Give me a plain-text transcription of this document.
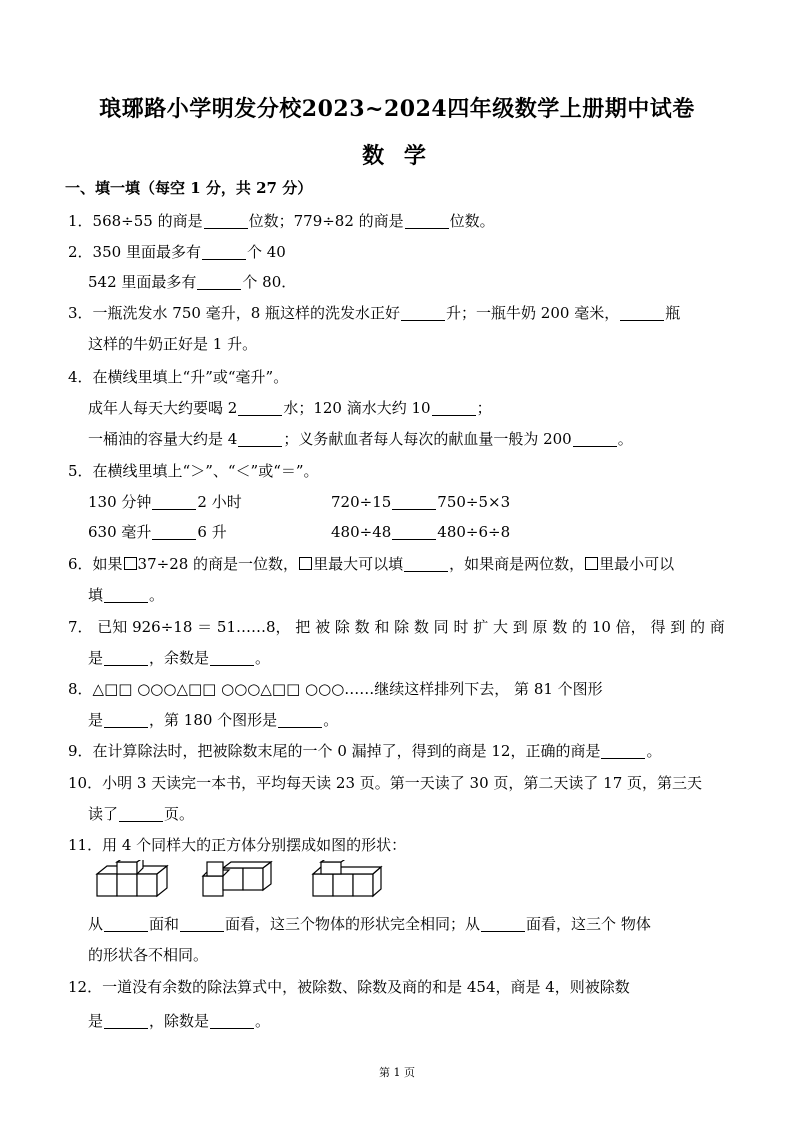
琅琊路小学明发分校2023~2024四年级数学上册期中试卷
数 学
一、填一填（每空 1 分，共 27 分）
1．568÷55 的商是	位数；779÷82 的商是	位数。
2．350 里面最多有	个 40
542 里面最多有	个 80．
3．一瓶洗发水 750 毫升，8 瓶这样的洗发水正好	升；一瓶牛奶 200 毫米，	瓶
这样的牛奶正好是 1 升。
4．在横线里填上“升”或“毫升”。
成年人每天大约要喝 2	水；120 滴水大约 10	；
一桶油的容量大约是 4	；义务献血者每人每次的献血量一般为 200	。
5．在横线里填上“＞”、“＜”或“＝”。
130 分钟	2 小时	720÷15	750÷5×3
630 毫升	6 升	480÷48	480÷6÷8
6．如果 37÷28 的商是一位数， 里最大可以填	，如果商是两位数， 里最小可以
填	。
7． 已知 926÷18 ＝ 51……8， 把 被 除 数 和 除 数 同 时 扩 大 到 原 数 的 10 倍， 得 到 的 商
是	，余数是	。
8．△□□ ○○○△□□ ○○○△□□ ○○○……继续这样排列下去， 第 81 个图形
是	，第 180 个图形是	。
9．在计算除法时，把被除数末尾的一个 0 漏掉了，得到的商是 12，正确的商是	。
10．小明 3 天读完一本书，平均每天读 23 页。第一天读了 30 页，第二天读了 17 页，第三天
读了	页。
11．用 4 个同样大的正方体分别摆成如图的形状：
从	面和	面看，这三个物体的形状完全相同；从	面看，这三个 物体
的形状各不相同。
12．一道没有余数的除法算式中，被除数、除数及商的和是 454，商是 4，则被除数
是	，除数是	。
第 1 页
